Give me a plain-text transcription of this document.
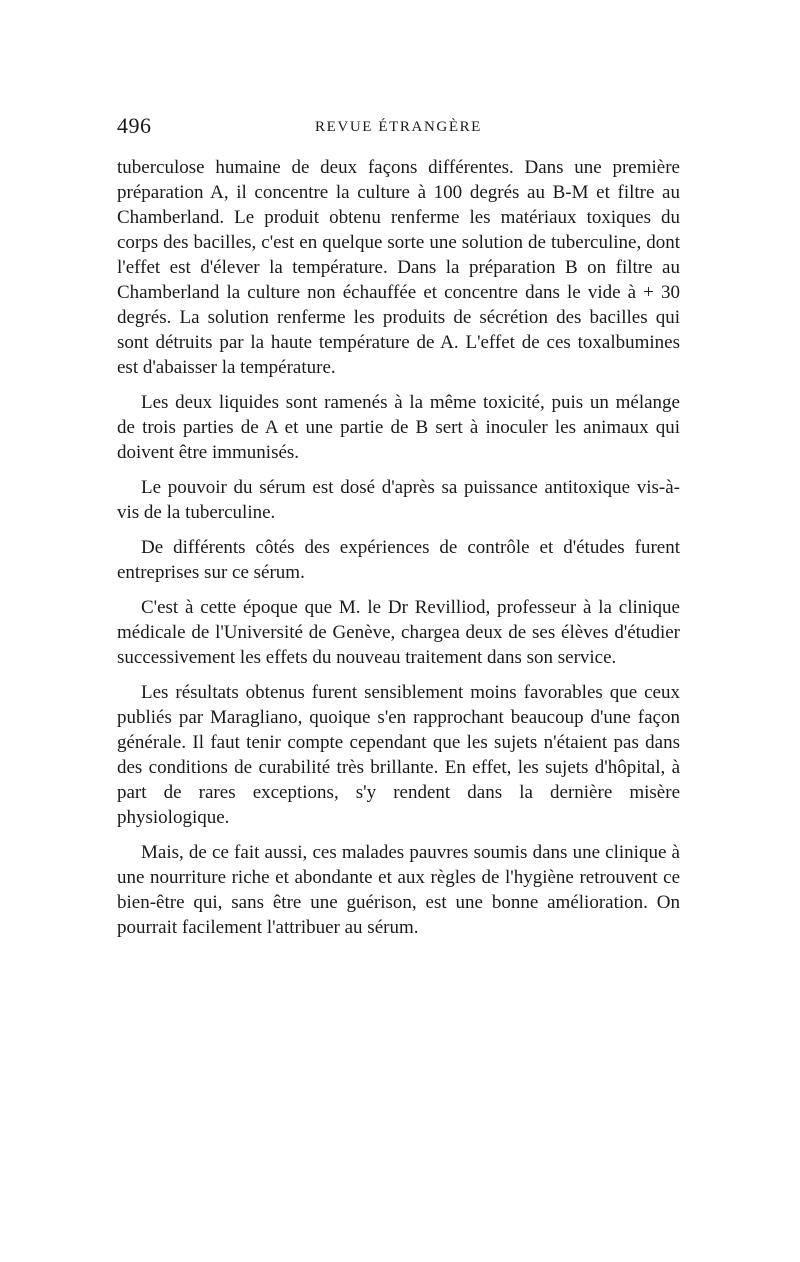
496	REVUE ÉTRANGÈRE

tuberculose humaine de deux façons différentes. Dans une première préparation A, il concentre la culture à 100 degrés au B-M et filtre au Chamberland. Le produit obtenu renferme les matériaux toxiques du corps des bacilles, c'est en quelque sorte une solution de tuberculine, dont l'effet est d'élever la température. Dans la préparation B on filtre au Chamberland la culture non échauffée et concentre dans le vide à + 30 degrés. La solution renferme les produits de sécrétion des bacilles qui sont détruits par la haute température de A. L'effet de ces toxalbumines est d'abaisser la température.

Les deux liquides sont ramenés à la même toxicité, puis un mélange de trois parties de A et une partie de B sert à inoculer les animaux qui doivent être immunisés.

Le pouvoir du sérum est dosé d'après sa puissance antitoxique vis-à-vis de la tuberculine.

De différents côtés des expériences de contrôle et d'études furent entreprises sur ce sérum.

C'est à cette époque que M. le Dr Revilliod, professeur à la clinique médicale de l'Université de Genève, chargea deux de ses élèves d'étudier successivement les effets du nouveau traitement dans son service.

Les résultats obtenus furent sensiblement moins favorables que ceux publiés par Maragliano, quoique s'en rapprochant beaucoup d'une façon générale. Il faut tenir compte cependant que les sujets n'étaient pas dans des conditions de curabilité très brillante. En effet, les sujets d'hôpital, à part de rares exceptions, s'y rendent dans la dernière misère physiologique.

Mais, de ce fait aussi, ces malades pauvres soumis dans une clinique à une nourriture riche et abondante et aux règles de l'hygiène retrouvent ce bien-être qui, sans être une guérison, est une bonne amélioration. On pourrait facilement l'attribuer au sérum.
